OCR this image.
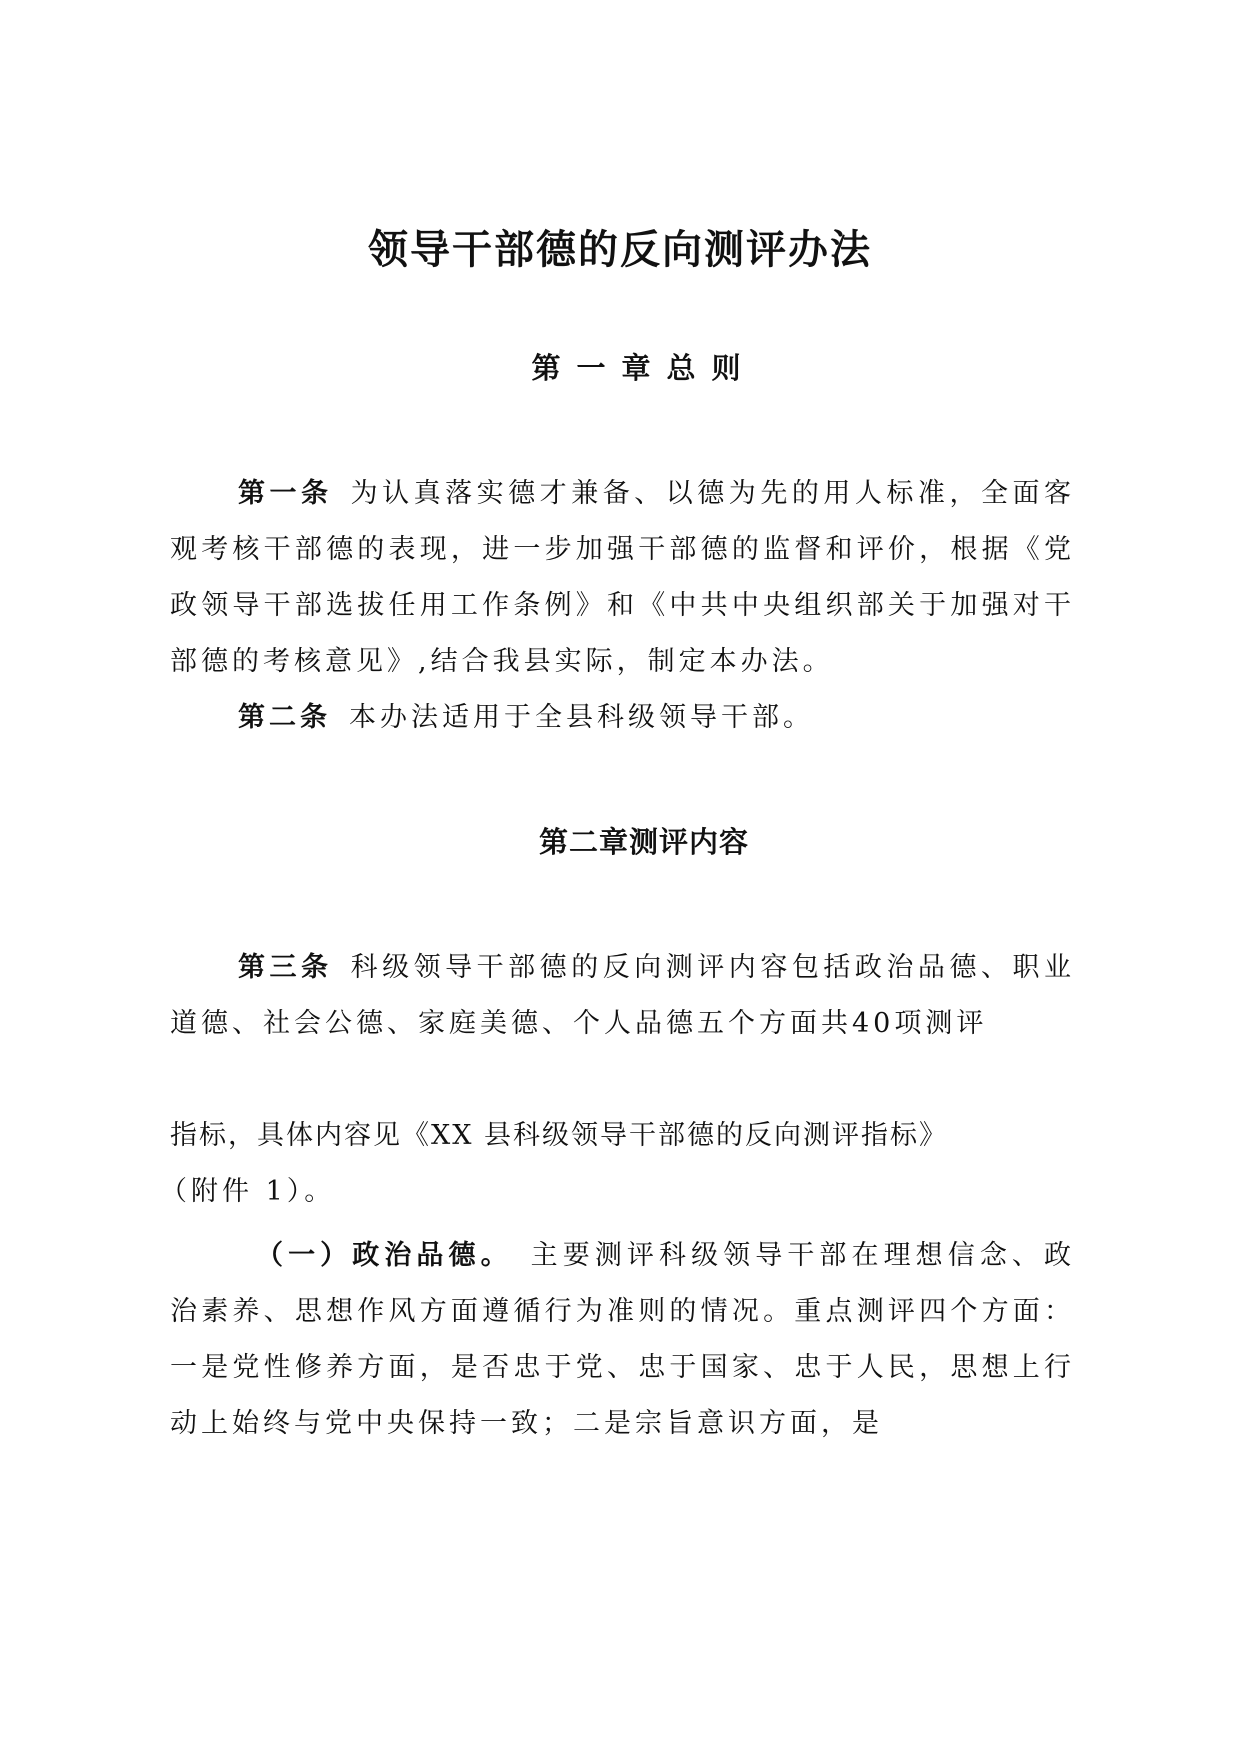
领导干部德的反向测评办法
第一章总则

第一条 为认真落实德才兼备、以德为先的用人标准，全面客观考核干部德的表现，进一步加强干部德的监督和评价，根据《党政领导干部选拔任用工作条例》和《中共中央组织部关于加强对干部德的考核意见》,结合我县实际，制定本办法。

第二条 本办法适用于全县科级领导干部。

第二章测评内容

第三条 科级领导干部德的反向测评内容包括政治品德、职业道德、社会公德、家庭美德、个人品德五个方面共40项测评

指标，具体内容见《XX 县科级领导干部德的反向测评指标》

（附件 1）。

（一）政治品德。 主要测评科级领导干部在理想信念、政治素养、思想作风方面遵循行为准则的情况。重点测评四个方面： 一是党性修养方面，是否忠于党、忠于国家、忠于人民，思想上行动上始终与党中央保持一致；二是宗旨意识方面，是
